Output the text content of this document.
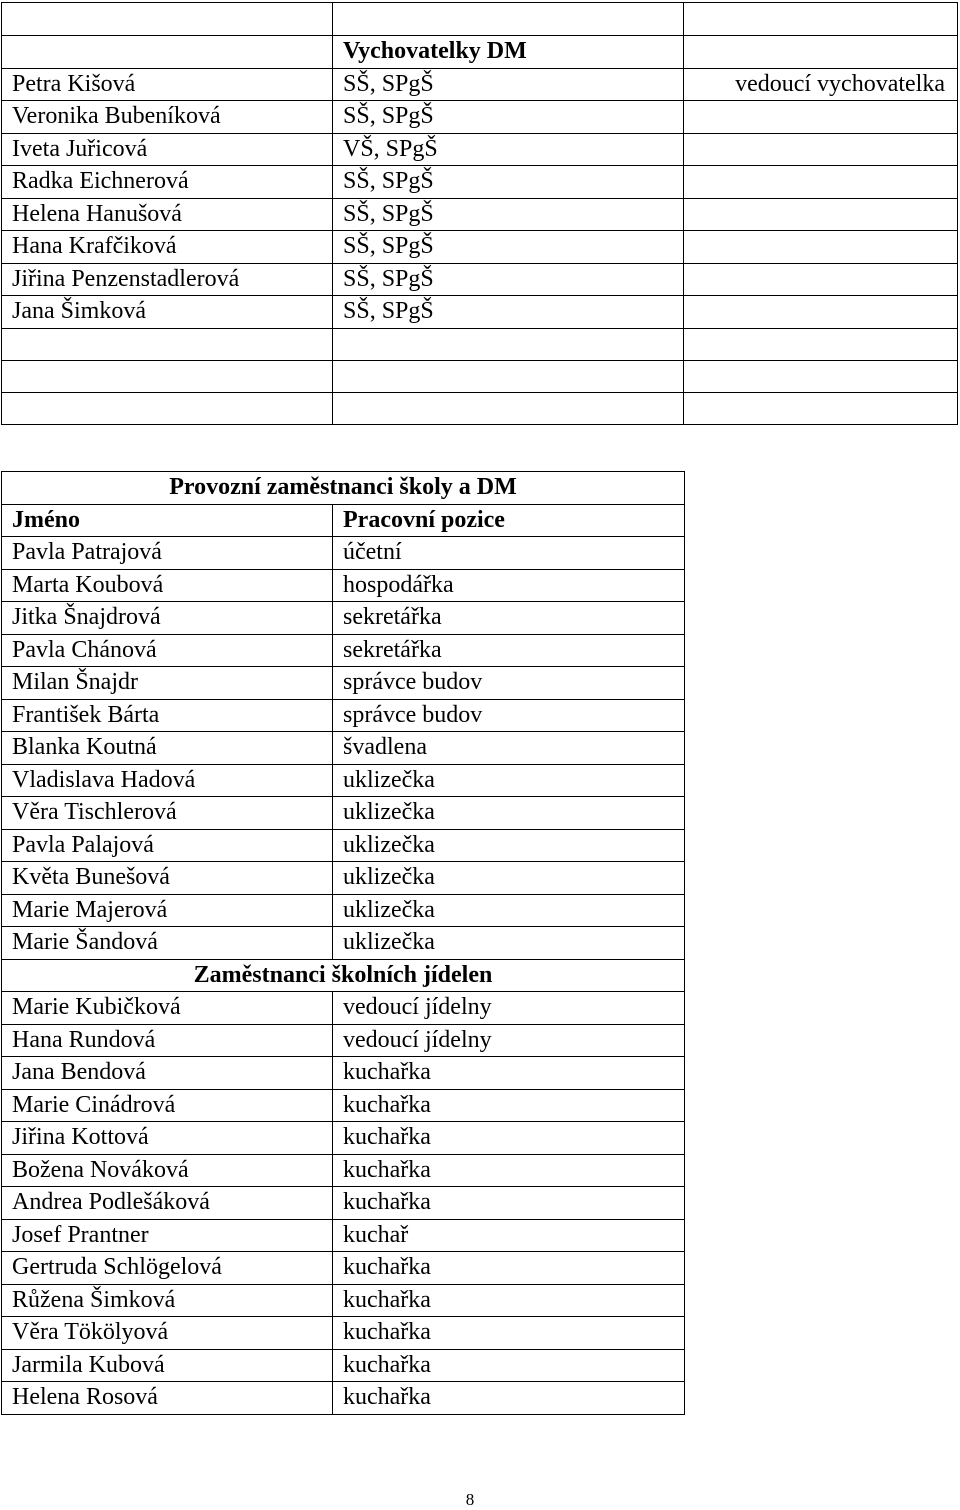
	Vychovatelky DM	
Petra Kišová	SŠ, SPgŠ	vedoucí vychovatelka
Veronika Bubeníková	SŠ, SPgŠ	
Iveta Juřicová	VŠ, SPgŠ	
Radka Eichnerová	SŠ, SPgŠ	
Helena Hanušová	SŠ, SPgŠ	
Hana Krafčiková	SŠ, SPgŠ	
Jiřina Penzenstadlerová	SŠ, SPgŠ	
Jana Šimková	SŠ, SPgŠ	

Provozní zaměstnanci školy a DM	
Jméno	Pracovní pozice
Pavla Patrajová	účetní
Marta Koubová	hospodářka
Jitka Šnajdrová	sekretářka
Pavla Chánová	sekretářka
Milan Šnajdr	správce budov
František Bárta	správce budov
Blanka Koutná	švadlena
Vladislava Hadová	uklizečka
Věra Tischlerová	uklizečka
Pavla Palajová	uklizečka
Květa Bunešová	uklizečka
Marie Majerová	uklizečka
Marie Šandová	uklizečka
Zaměstnanci školních jídelen	
Marie Kubičková	vedoucí jídelny
Hana Rundová	vedoucí jídelny
Jana Bendová	kuchařka
Marie Cinádrová	kuchařka
Jiřina Kottová	kuchařka
Božena Nováková	kuchařka
Andrea Podlešáková	kuchařka
Josef Prantner	kuchař
Gertruda Schlögelová	kuchařka
Růžena Šimková	kuchařka
Věra Tökölyová	kuchařka
Jarmila Kubová	kuchařka
Helena Rosová	kuchařka
8
